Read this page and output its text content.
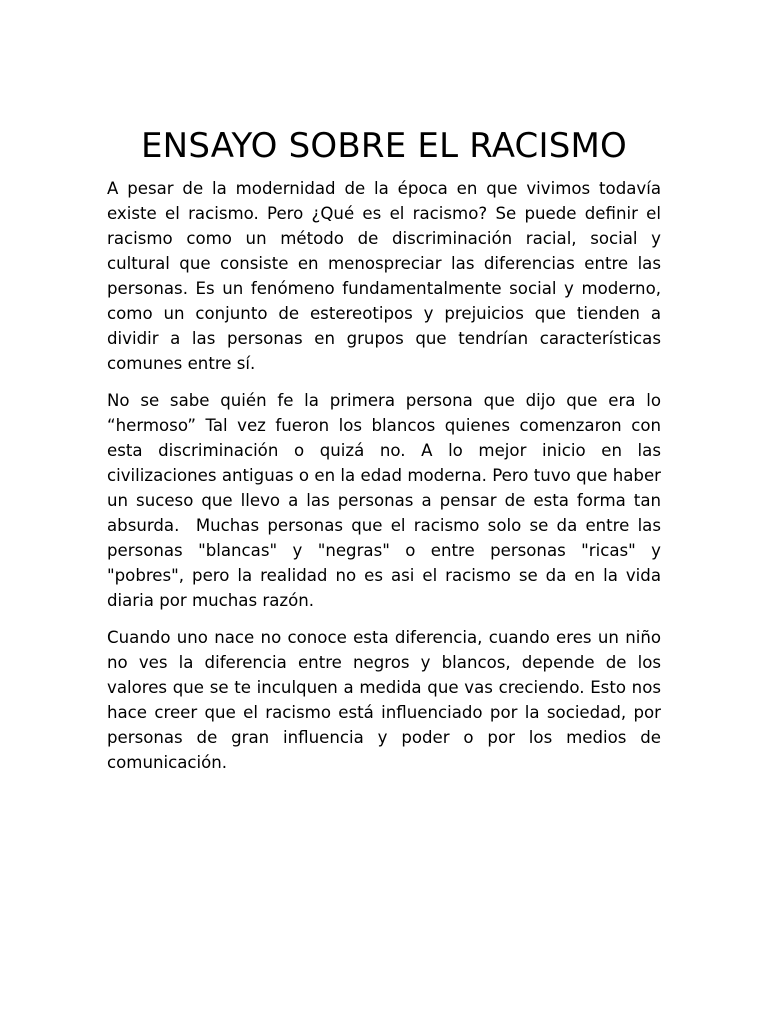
ENSAYO SOBRE EL RACISMO

A pesar de la modernidad de la época en que vivimos todavía existe el racismo. Pero ¿Qué es el racismo? Se puede definir el racismo como un método de discriminación racial, social y cultural que consiste en menospreciar las diferencias entre las personas. Es un fenómeno fundamentalmente social y moderno, como un conjunto de estereotipos y prejuicios que tienden a dividir a las personas en grupos que tendrían características comunes entre sí.

No se sabe quién fe la primera persona que dijo que era lo “hermoso” Tal vez fueron los blancos quienes comenzaron con esta discriminación o quizá no. A lo mejor inicio en las civilizaciones antiguas o en la edad moderna. Pero tuvo que haber un suceso que llevo a las personas a pensar de esta forma tan absurda.  Muchas personas que el racismo solo se da entre las personas "blancas" y "negras" o entre personas "ricas" y "pobres", pero la realidad no es asi el racismo se da en la vida diaria por muchas razón.

Cuando uno nace no conoce esta diferencia, cuando eres un niño no ves la diferencia entre negros y blancos, depende de los valores que se te inculquen a medida que vas creciendo. Esto nos hace creer que el racismo está influenciado por la sociedad, por personas de gran influencia y poder o por los medios de comunicación.
